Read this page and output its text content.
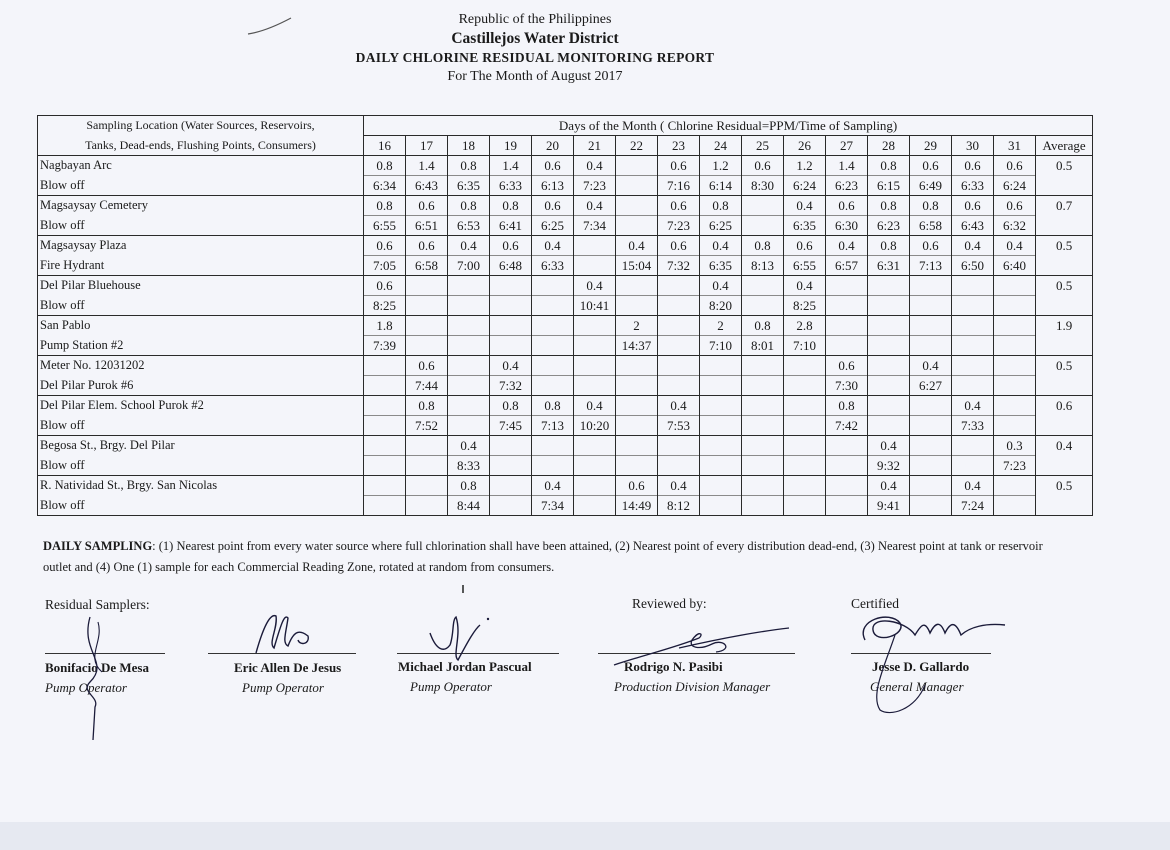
Republic of the Philippines
Castillejos Water District
DAILY CHLORINE RESIDUAL MONITORING REPORT
For The Month of August 2017
Sampling Location (Water Sources, Reservoirs,	Days of the Month ( Chlorine Residual=PPM/Time of Sampling)																
Tanks, Dead-ends, Flushing Points, Consumers)	16	17	18	19	20	21	22	23	24	25	26	27	28	29	30	31	Average
Nagbayan Arc	0.8	1.4	0.8	1.4	0.6	0.4		0.6	1.2	0.6	1.2	1.4	0.8	0.6	0.6	0.6	0.5
Blow off	6:34	6:43	6:35	6:33	6:13	7:23		7:16	6:14	8:30	6:24	6:23	6:15	6:49	6:33	6:24	
Magsaysay Cemetery	0.8	0.6	0.8	0.8	0.6	0.4		0.6	0.8		0.4	0.6	0.8	0.8	0.6	0.6	0.7
Blow off	6:55	6:51	6:53	6:41	6:25	7:34		7:23	6:25		6:35	6:30	6:23	6:58	6:43	6:32	
Magsaysay Plaza	0.6	0.6	0.4	0.6	0.4		0.4	0.6	0.4	0.8	0.6	0.4	0.8	0.6	0.4	0.4	0.5
Fire Hydrant	7:05	6:58	7:00	6:48	6:33		15:04	7:32	6:35	8:13	6:55	6:57	6:31	7:13	6:50	6:40	
Del Pilar Bluehouse	0.6					0.4			0.4		0.4						0.5
Blow off	8:25					10:41			8:20		8:25						
San Pablo	1.8						2		2	0.8	2.8						1.9
Pump Station #2	7:39						14:37		7:10	8:01	7:10						
Meter No. 12031202		0.6		0.4								0.6		0.4			0.5
Del Pilar Purok #6		7:44		7:32								7:30		6:27			
Del Pilar Elem. School Purok #2		0.8		0.8	0.8	0.4		0.4				0.8			0.4		0.6
Blow off		7:52		7:45	7:13	10:20		7:53				7:42			7:33		
Begosa St., Brgy. Del Pilar			0.4										0.4			0.3	0.4
Blow off			8:33										9:32			7:23	
R. Natividad St., Brgy. San Nicolas			0.8		0.4		0.6	0.4					0.4		0.4		0.5
Blow off			8:44		7:34		14:49	8:12					9:41		7:24		
DAILY SAMPLING: (1) Nearest point from every water source where full chlorination shall have been attained, (2) Nearest point of every distribution dead-end, (3) Nearest point at tank or reservoir outlet and (4) One (1) sample for each Commercial Reading Zone, rotated at random from consumers.
Residual Samplers:	Reviewed by:	Certified
Bonifacio De Mesa
Pump Operator
Eric Allen De Jesus
Pump Operator
Michael Jordan Pascual
Pump Operator
Rodrigo N. Pasibi
Production Division Manager
Jesse D. Gallardo
General Manager
